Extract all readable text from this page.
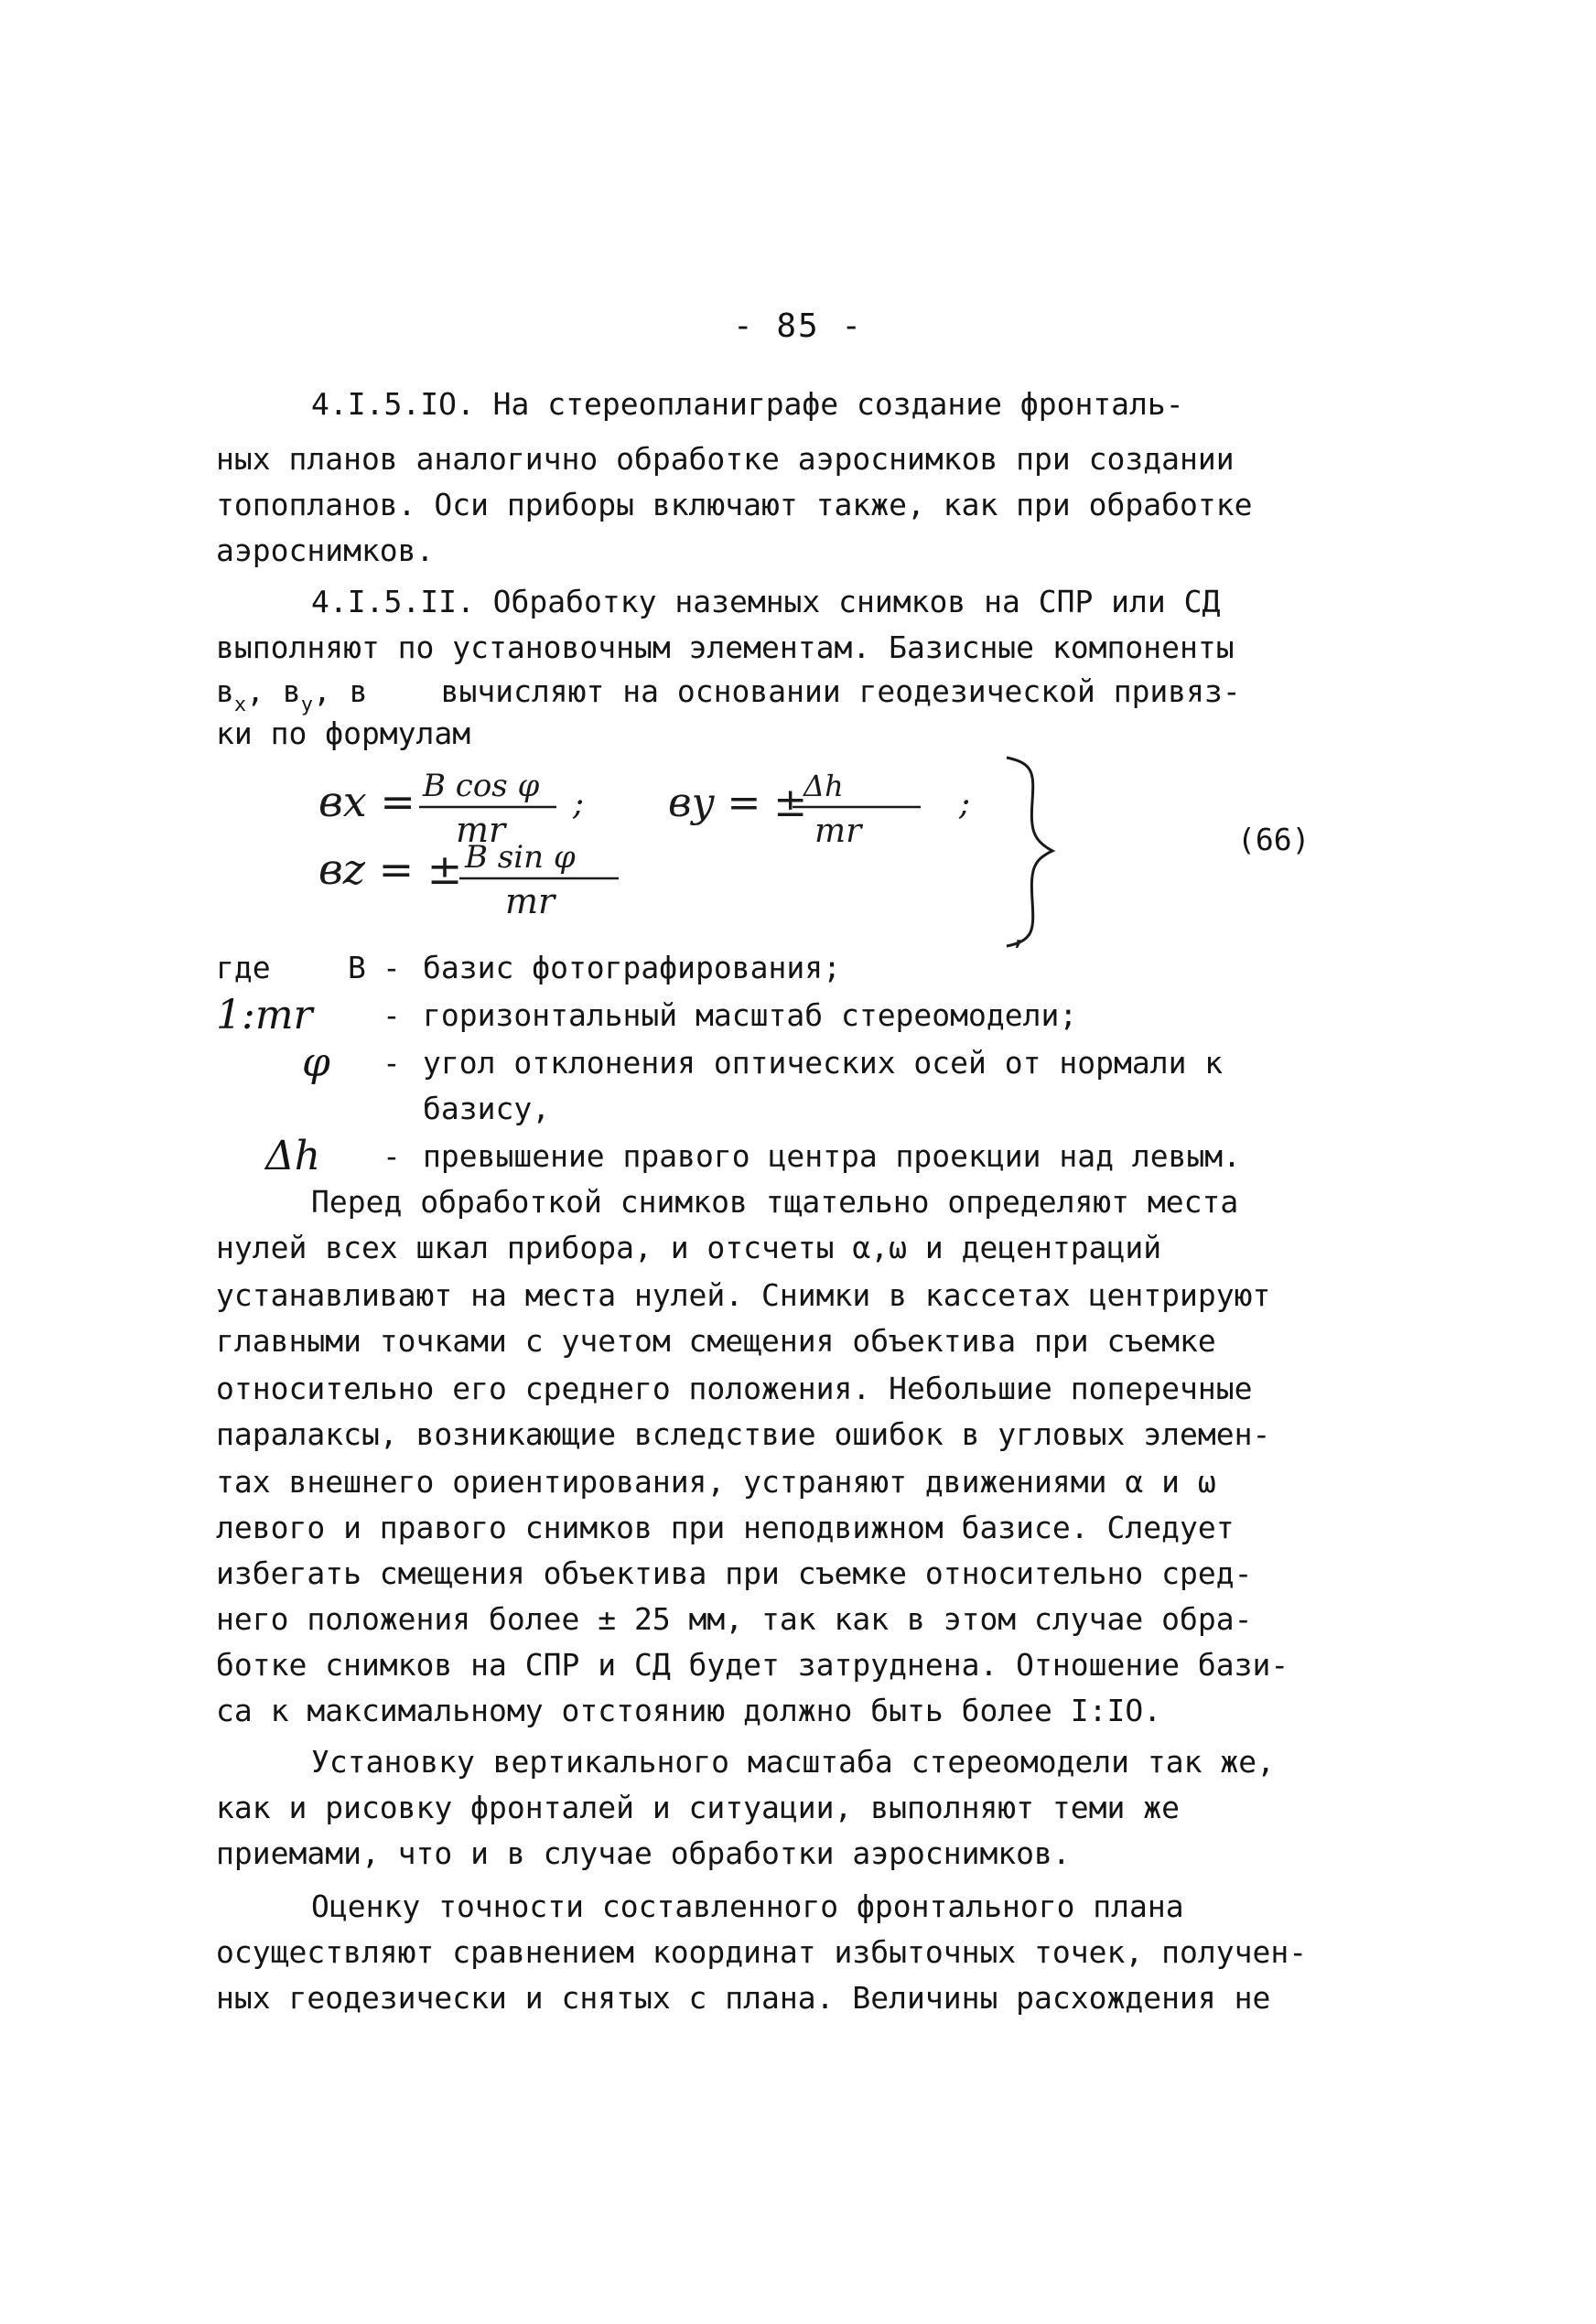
- 85 -
4.I.5.IO. На стереопланиграфе создание фронталь-
ных планов аналогично обработке аэроснимков при создании
топопланов. Оси приборы включают также, как при обработке
аэроснимков.
4.I.5.II. Обработку наземных снимков на СПР или СД
выполняют по установочным элементам. Базисные компоненты
$в_x$, $в_y$, в вычисляют на основании геодезической привяз-
ки по формулам
вx = B cos φ
mr
; вy = ±
Δh
mr
;
вz = ± B sin φ
mr
,
(66)
где	B - базис фотографирования;
1:mr - горизонтальный масштаб стереомодели;
φ - угол отклонения оптических осей от нормали к
базису,
Δh - превышение правого центра проекции над левым.
Перед обработкой снимков тщательно определяют места
нулей всех шкал прибора, и отсчеты α,ω и децентраций
устанавливают на места нулей. Снимки в кассетах центрируют
главными точками с учетом смещения объектива при съемке
относительно его среднего положения. Небольшие поперечные
паралаксы, возникающие вследствие ошибок в угловых элемен-
тах внешнего ориентирования, устраняют движениями α и ω
левого и правого снимков при неподвижном базисе. Следует
избегать смещения объектива при съемке относительно сред-
него положения более ± 25 мм, так как в этом случае обра-
ботке снимков на СПР и СД будет затруднена. Отношение бази-
са к максимальному отстоянию должно быть более I:IO.
Установку вертикального масштаба стереомодели так же,
как и рисовку фронталей и ситуации, выполняют теми же
приемами, что и в случае обработки аэроснимков.
Оценку точности составленного фронтального плана
осуществляют сравнением координат избыточных точек, получен-
ных геодезически и снятых с плана. Величины расхождения не
